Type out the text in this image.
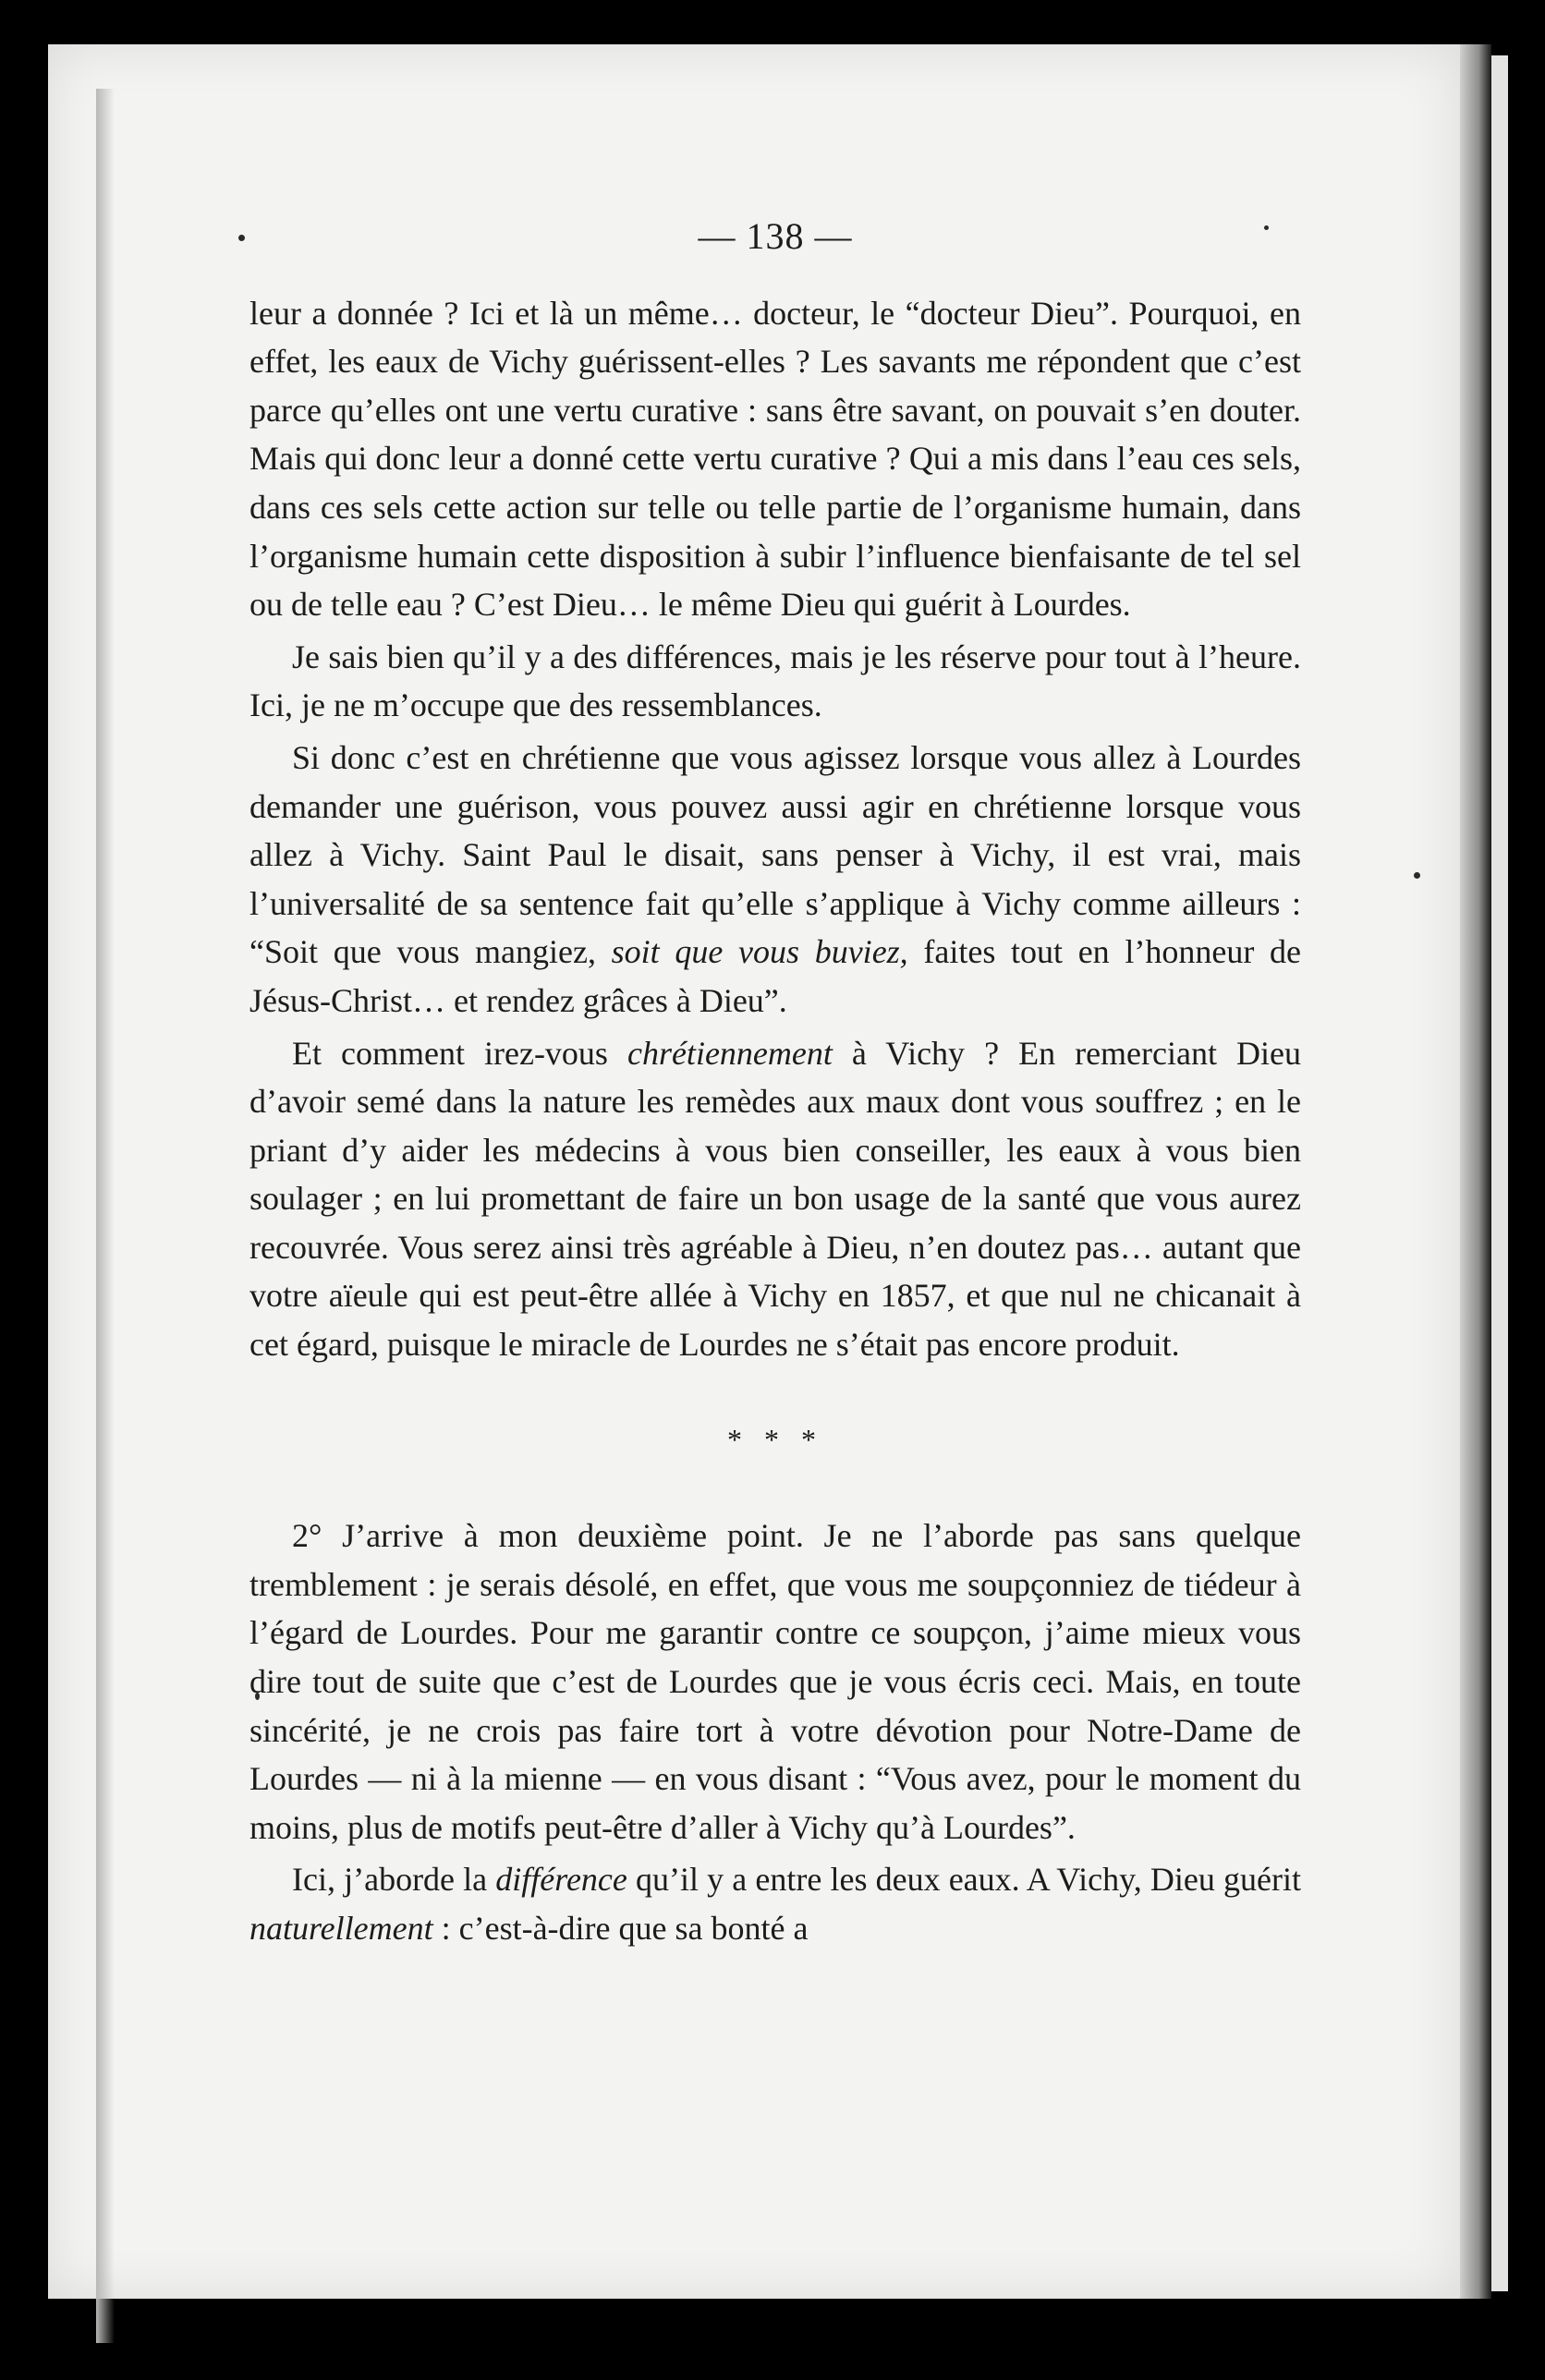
— 138 —

leur a donnée ? Ici et là un même… docteur, le “docteur Dieu”. Pourquoi, en effet, les eaux de Vichy guérissent-elles ? Les savants me répondent que c’est parce qu’elles ont une vertu curative : sans être savant, on pouvait s’en douter. Mais qui donc leur a donné cette vertu curative ? Qui a mis dans l’eau ces sels, dans ces sels cette action sur telle ou telle partie de l’organisme humain, dans l’organisme humain cette disposition à subir l’influence bienfaisante de tel sel ou de telle eau ? C’est Dieu… le même Dieu qui guérit à Lourdes.

Je sais bien qu’il y a des différences, mais je les réserve pour tout à l’heure. Ici, je ne m’occupe que des ressemblances.

Si donc c’est en chrétienne que vous agissez lorsque vous allez à Lourdes demander une guérison, vous pouvez aussi agir en chrétienne lorsque vous allez à Vichy. Saint Paul le disait, sans penser à Vichy, il est vrai, mais l’universalité de sa sentence fait qu’elle s’applique à Vichy comme ailleurs : “Soit que vous mangiez, soit que vous buviez, faites tout en l’honneur de Jésus-Christ… et rendez grâces à Dieu”.

Et comment irez-vous chrétiennement à Vichy ? En remerciant Dieu d’avoir semé dans la nature les remèdes aux maux dont vous souffrez ; en le priant d’y aider les médecins à vous bien conseiller, les eaux à vous bien soulager ; en lui promettant de faire un bon usage de la santé que vous aurez recouvrée. Vous serez ainsi très agréable à Dieu, n’en doutez pas… autant que votre aïeule qui est peut-être allée à Vichy en 1857, et que nul ne chicanait à cet égard, puisque le miracle de Lourdes ne s’était pas encore produit.

* * *

2° J’arrive à mon deuxième point. Je ne l’aborde pas sans quelque tremblement : je serais désolé, en effet, que vous me soupçonniez de tiédeur à l’égard de Lourdes. Pour me garantir contre ce soupçon, j’aime mieux vous dire tout de suite que c’est de Lourdes que je vous écris ceci. Mais, en toute sincérité, je ne crois pas faire tort à votre dévotion pour Notre-Dame de Lourdes — ni à la mienne — en vous disant : “Vous avez, pour le moment du moins, plus de motifs peut-être d’aller à Vichy qu’à Lourdes”.

Ici, j’aborde la différence qu’il y a entre les deux eaux. A Vichy, Dieu guérit naturellement : c’est-à-dire que sa bonté a
